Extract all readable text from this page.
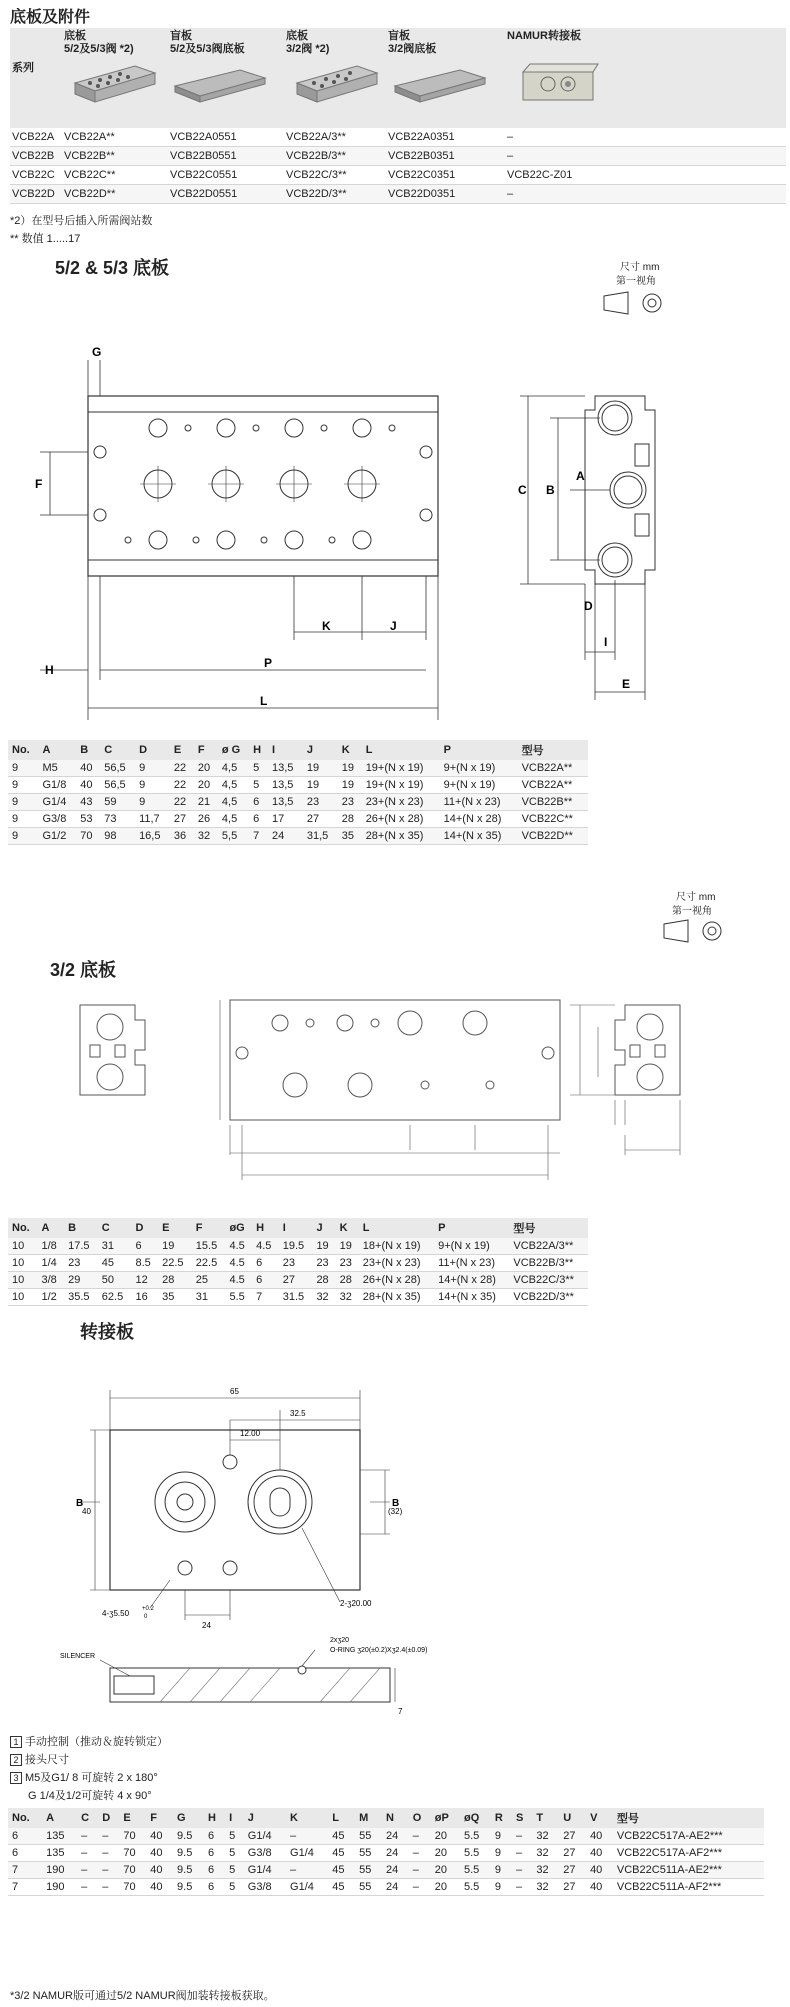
底板及附件
系列
底板
5/2及5/3阀 *2)
盲板
5/2及5/3阀底板
底板
3/2阀 *2)
盲板
3/2阀底板
NAMUR转接板
VCB22A VCB22A**	VCB22A0551	VCB22A/3**	VCB22A0351	–
VCB22B VCB22B**	VCB22B0551	VCB22B/3**	VCB22B0351	–
VCB22C VCB22C**	VCB22C0551	VCB22C/3**	VCB22C0351	VCB22C-Z01
VCB22D VCB22D**	VCB22D0551	VCB22D/3**	VCB22D0351	–
*2）在型号后插入所需阀站数
** 数值 1.....17
5/2 & 5/3 底板	尺寸 mm
第一视角
G
F
K	J
H	P
L
C B
A
D
I
E
No.	A	B	C	D	E	F	ø G	H	I	J	K	L	P	型号
9	M5	40	56,5	9	22	20	4,5	5	13,5	19	19	19+(N x 19)	9+(N x 19)	VCB22A**
9	G1/8	40	56,5	9	22	20	4,5	5	13,5	19	19	19+(N x 19)	9+(N x 19)	VCB22A**
9	G1/4	43	59	9	22	21	4,5	6	13,5	23	23	23+(N x 23)	11+(N x 23)	VCB22B**
9	G3/8	53	73	11,7	27	26	4,5	6	17	27	28	26+(N x 28)	14+(N x 28)	VCB22C**
9	G1/2	70	98	16,5	36	32	5,5	7	24	31,5	35	28+(N x 35)	14+(N x 35)	VCB22D**
尺寸 mm
第一视角
3/2 底板
No.	A	B	C	D	E	F	øG	H	I	J	K	L	P	型号
10	1/8	17.5	31	6	19	15.5	4.5	4.5	19.5	19	19	18+(N x 19)	9+(N x 19)	VCB22A/3**
10	1/4	23	45	8.5	22.5	22.5	4.5	6	23	23	23	23+(N x 23)	11+(N x 23)	VCB22B/3**
10	3/8	29	50	12	28	25	4.5	6	27	28	28	26+(N x 28)	14+(N x 28)	VCB22C/3**
10	1/2	35.5	62.5	16	35	31	5.5	7	31.5	32	32	28+(N x 35)	14+(N x 35)	VCB22D/3**
转接板
65
32.5
12.00
40	(32)
24
4-ʒ5.50 +0.2
0
2-ʒ20.00
B	B
SILENCER
2xʒ20
O-RING ʒ20(±0.2)Xʒ2.4(±0.09)
7
1 手动控制（推动＆旋转锁定）
2 接头尺寸
3 M5及G1/ 8 可旋转 2 x 180°
G 1/4及1/2可旋转 4 x 90°
No.	A	C	D	E	F	G	H	I	J	K	L	M	N	O	øP	øQ	R	S	T	U	V	型号
6	135	–	–	70	40	9.5	6	5	G1/4	–	45	55	24	–	20	5.5	9	–	32	27	40	VCB22C517A-AE2***
6	135	–	–	70	40	9.5	6	5	G3/8	G1/4	45	55	24	–	20	5.5	9	–	32	27	40	VCB22C517A-AF2***
7	190	–	–	70	40	9.5	6	5	G1/4	–	45	55	24	–	20	5.5	9	–	32	27	40	VCB22C511A-AE2***
7	190	–	–	70	40	9.5	6	5	G3/8	G1/4	45	55	24	–	20	5.5	9	–	32	27	40	VCB22C511A-AF2***
*3/2 NAMUR版可通过5/2 NAMUR阀加装转接板获取。
